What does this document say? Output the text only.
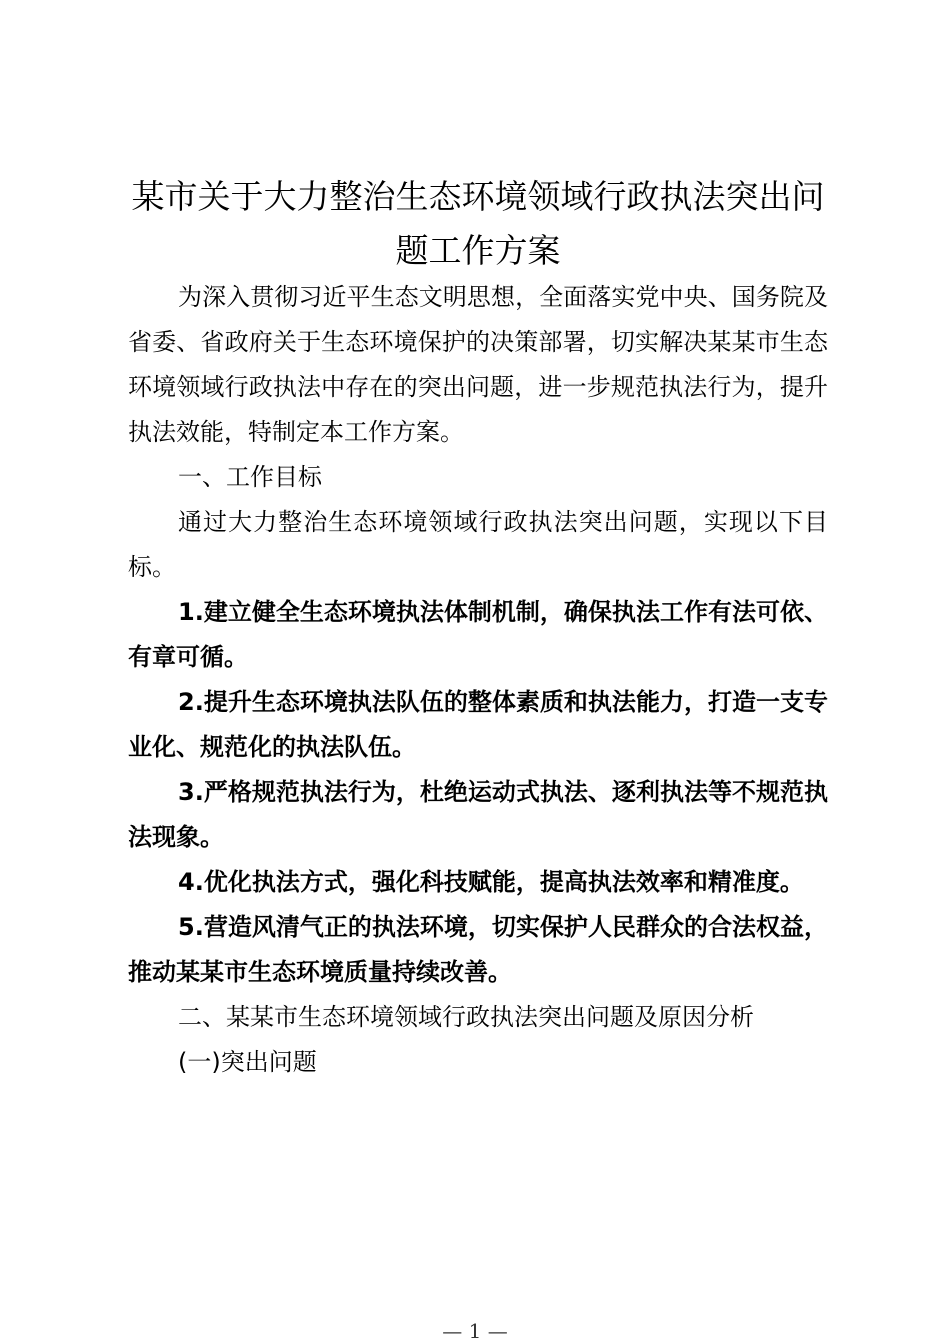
某市关于大力整治生态环境领域行政执法突出问题工作方案

为深入贯彻习近平生态文明思想，全面落实党中央、国务院及省委、省政府关于生态环境保护的决策部署，切实解决某某市生态环境领域行政执法中存在的突出问题，进一步规范执法行为，提升执法效能，特制定本工作方案。

一、工作目标

通过大力整治生态环境领域行政执法突出问题，实现以下目标。

1.建立健全生态环境执法体制机制，确保执法工作有法可依、有章可循。

2.提升生态环境执法队伍的整体素质和执法能力，打造一支专业化、规范化的执法队伍。

3.严格规范执法行为，杜绝运动式执法、逐利执法等不规范执法现象。

4.优化执法方式，强化科技赋能，提高执法效率和精准度。

5.营造风清气正的执法环境，切实保护人民群众的合法权益，推动某某市生态环境质量持续改善。

二、某某市生态环境领域行政执法突出问题及原因分析

(一)突出问题

— 1 —
